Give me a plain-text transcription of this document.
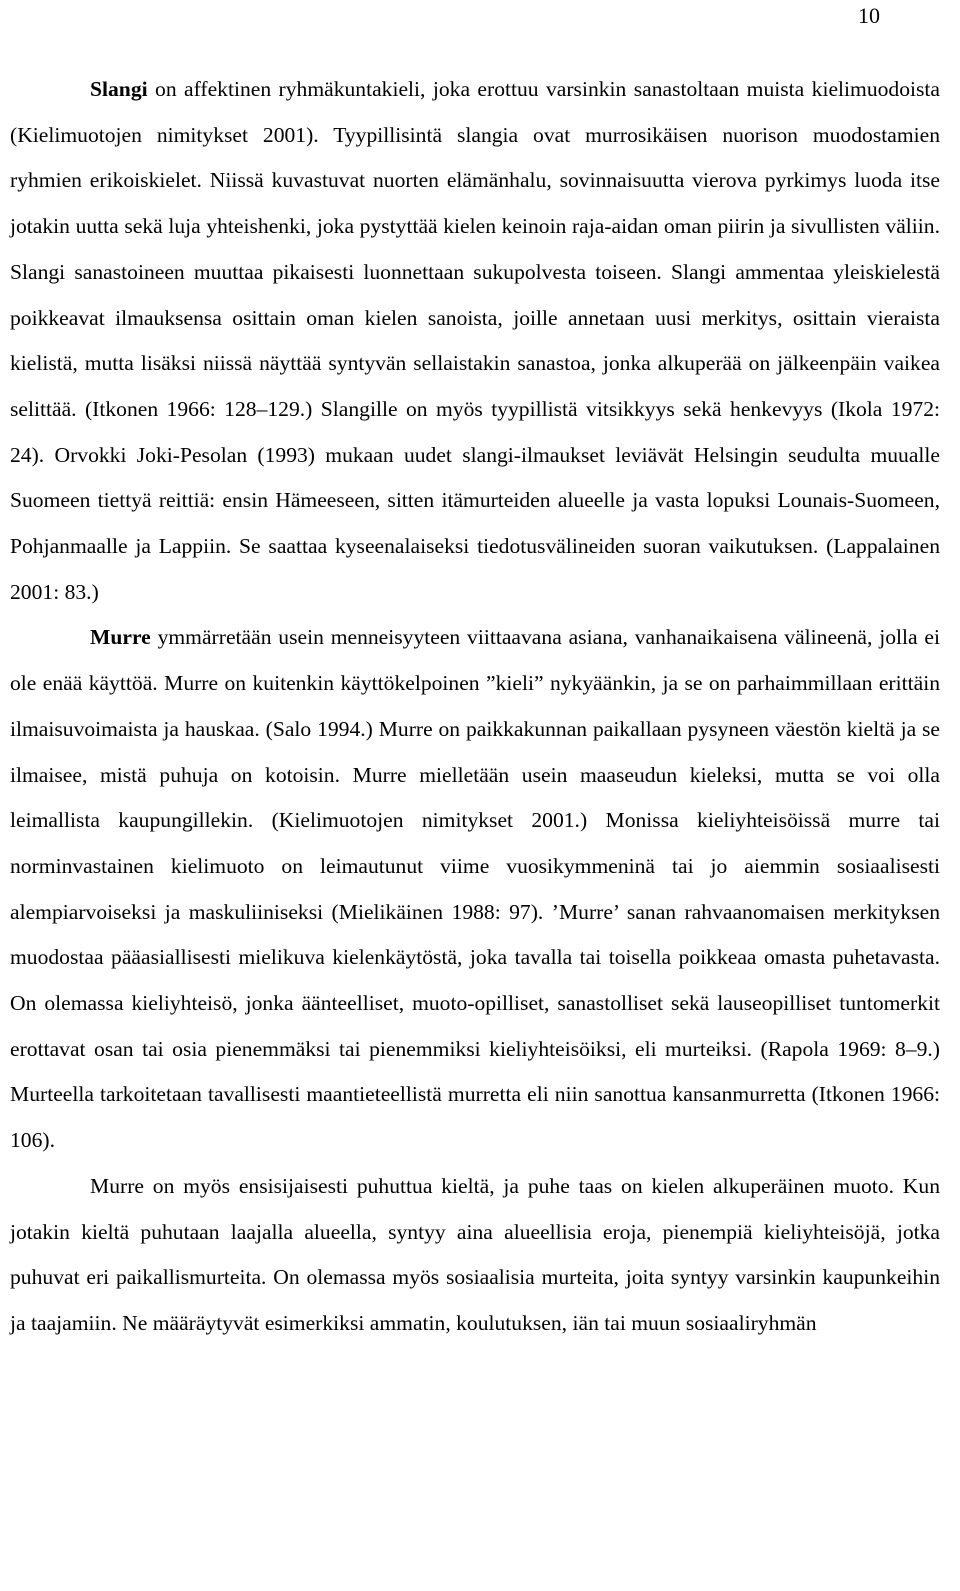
10

Slangi on affektinen ryhmäkuntakieli, joka erottuu varsinkin sanastoltaan muista kielimuodoista (Kielimuotojen nimitykset 2001). Tyypillisintä slangia ovat murrosikäisen nuorison muodostamien ryhmien erikoiskielet. Niissä kuvastuvat nuorten elämänhalu, sovinnaisuutta vierova pyrkimys luoda itse jotakin uutta sekä luja yhteishenki, joka pystyttää kielen keinoin raja-aidan oman piirin ja sivullisten väliin. Slangi sanastoineen muuttaa pikaisesti luonnettaan sukupolvesta toiseen. Slangi ammentaa yleiskielestä poikkeavat ilmauksensa osittain oman kielen sanoista, joille annetaan uusi merkitys, osittain vieraista kielistä, mutta lisäksi niissä näyttää syntyvän sellaistakin sanastoa, jonka alkuperää on jälkeenpäin vaikea selittää. (Itkonen 1966: 128–129.) Slangille on myös tyypillistä vitsikkyys sekä henkevyys (Ikola 1972: 24). Orvokki Joki-Pesolan (1993) mukaan uudet slangi-ilmaukset leviävät Helsingin seudulta muualle Suomeen tiettyä reittiä: ensin Hämeeseen, sitten itämurteiden alueelle ja vasta lopuksi Lounais-Suomeen, Pohjanmaalle ja Lappiin. Se saattaa kyseenalaiseksi tiedotusvälineiden suoran vaikutuksen. (Lappalainen 2001: 83.)

Murre ymmärretään usein menneisyyteen viittaavana asiana, vanhanaikaisena välineenä, jolla ei ole enää käyttöä. Murre on kuitenkin käyttökelpoinen ”kieli” nykyäänkin, ja se on parhaimmillaan erittäin ilmaisuvoimaista ja hauskaa. (Salo 1994.) Murre on paikkakunnan paikallaan pysyneen väestön kieltä ja se ilmaisee, mistä puhuja on kotoisin. Murre mielletään usein maaseudun kieleksi, mutta se voi olla leimallista kaupungillekin. (Kielimuotojen nimitykset 2001.) Monissa kieliyhteisöissä murre tai norminvastainen kielimuoto on leimautunut viime vuosikymmeninä tai jo aiemmin sosiaalisesti alempiarvoiseksi ja maskuliiniseksi (Mielikäinen 1988: 97). ’Murre’ sanan rahvaanomaisen merkityksen muodostaa pääasiallisesti mielikuva kielenkäytöstä, joka tavalla tai toisella poikkeaa omasta puhetavasta. On olemassa kieliyhteisö, jonka äänteelliset, muoto-opilliset, sanastolliset sekä lauseopilliset tuntomerkit erottavat osan tai osia pienemmäksi tai pienemmiksi kieliyhteisöiksi, eli murteiksi. (Rapola 1969: 8–9.) Murteella tarkoitetaan tavallisesti maantieteellistä murretta eli niin sanottua kansanmurretta (Itkonen 1966: 106).

Murre on myös ensisijaisesti puhuttua kieltä, ja puhe taas on kielen alkuperäinen muoto. Kun jotakin kieltä puhutaan laajalla alueella, syntyy aina alueellisia eroja, pienempiä kieliyhteisöjä, jotka puhuvat eri paikallismurteita. On olemassa myös sosiaalisia murteita, joita syntyy varsinkin kaupunkeihin ja taajamiin. Ne määräytyvät esimerkiksi ammatin, koulutuksen, iän tai muun sosiaaliryhmän
